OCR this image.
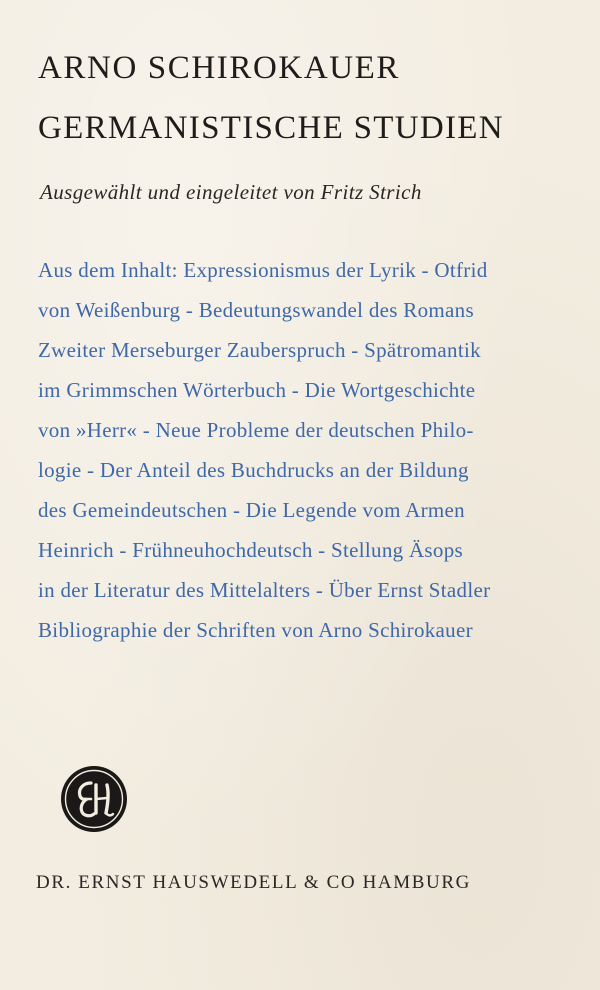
ARNO SCHIROKAUER
GERMANISTISCHE STUDIEN

Ausgewählt und eingeleitet von Fritz Strich

Aus dem Inhalt: Expressionismus der Lyrik - Otfrid
von Weißenburg - Bedeutungswandel des Romans
Zweiter Merseburger Zauberspruch - Spätromantik
im Grimmschen Wörterbuch - Die Wortgeschichte
von »Herr« - Neue Probleme der deutschen Philo-
logie - Der Anteil des Buchdrucks an der Bildung
des Gemeindeutschen - Die Legende vom Armen
Heinrich - Frühneuhochdeutsch - Stellung Äsops
in der Literatur des Mittelalters - Über Ernst Stadler
Bibliographie der Schriften von Arno Schirokauer

DR. ERNST HAUSWEDELL & CO HAMBURG
